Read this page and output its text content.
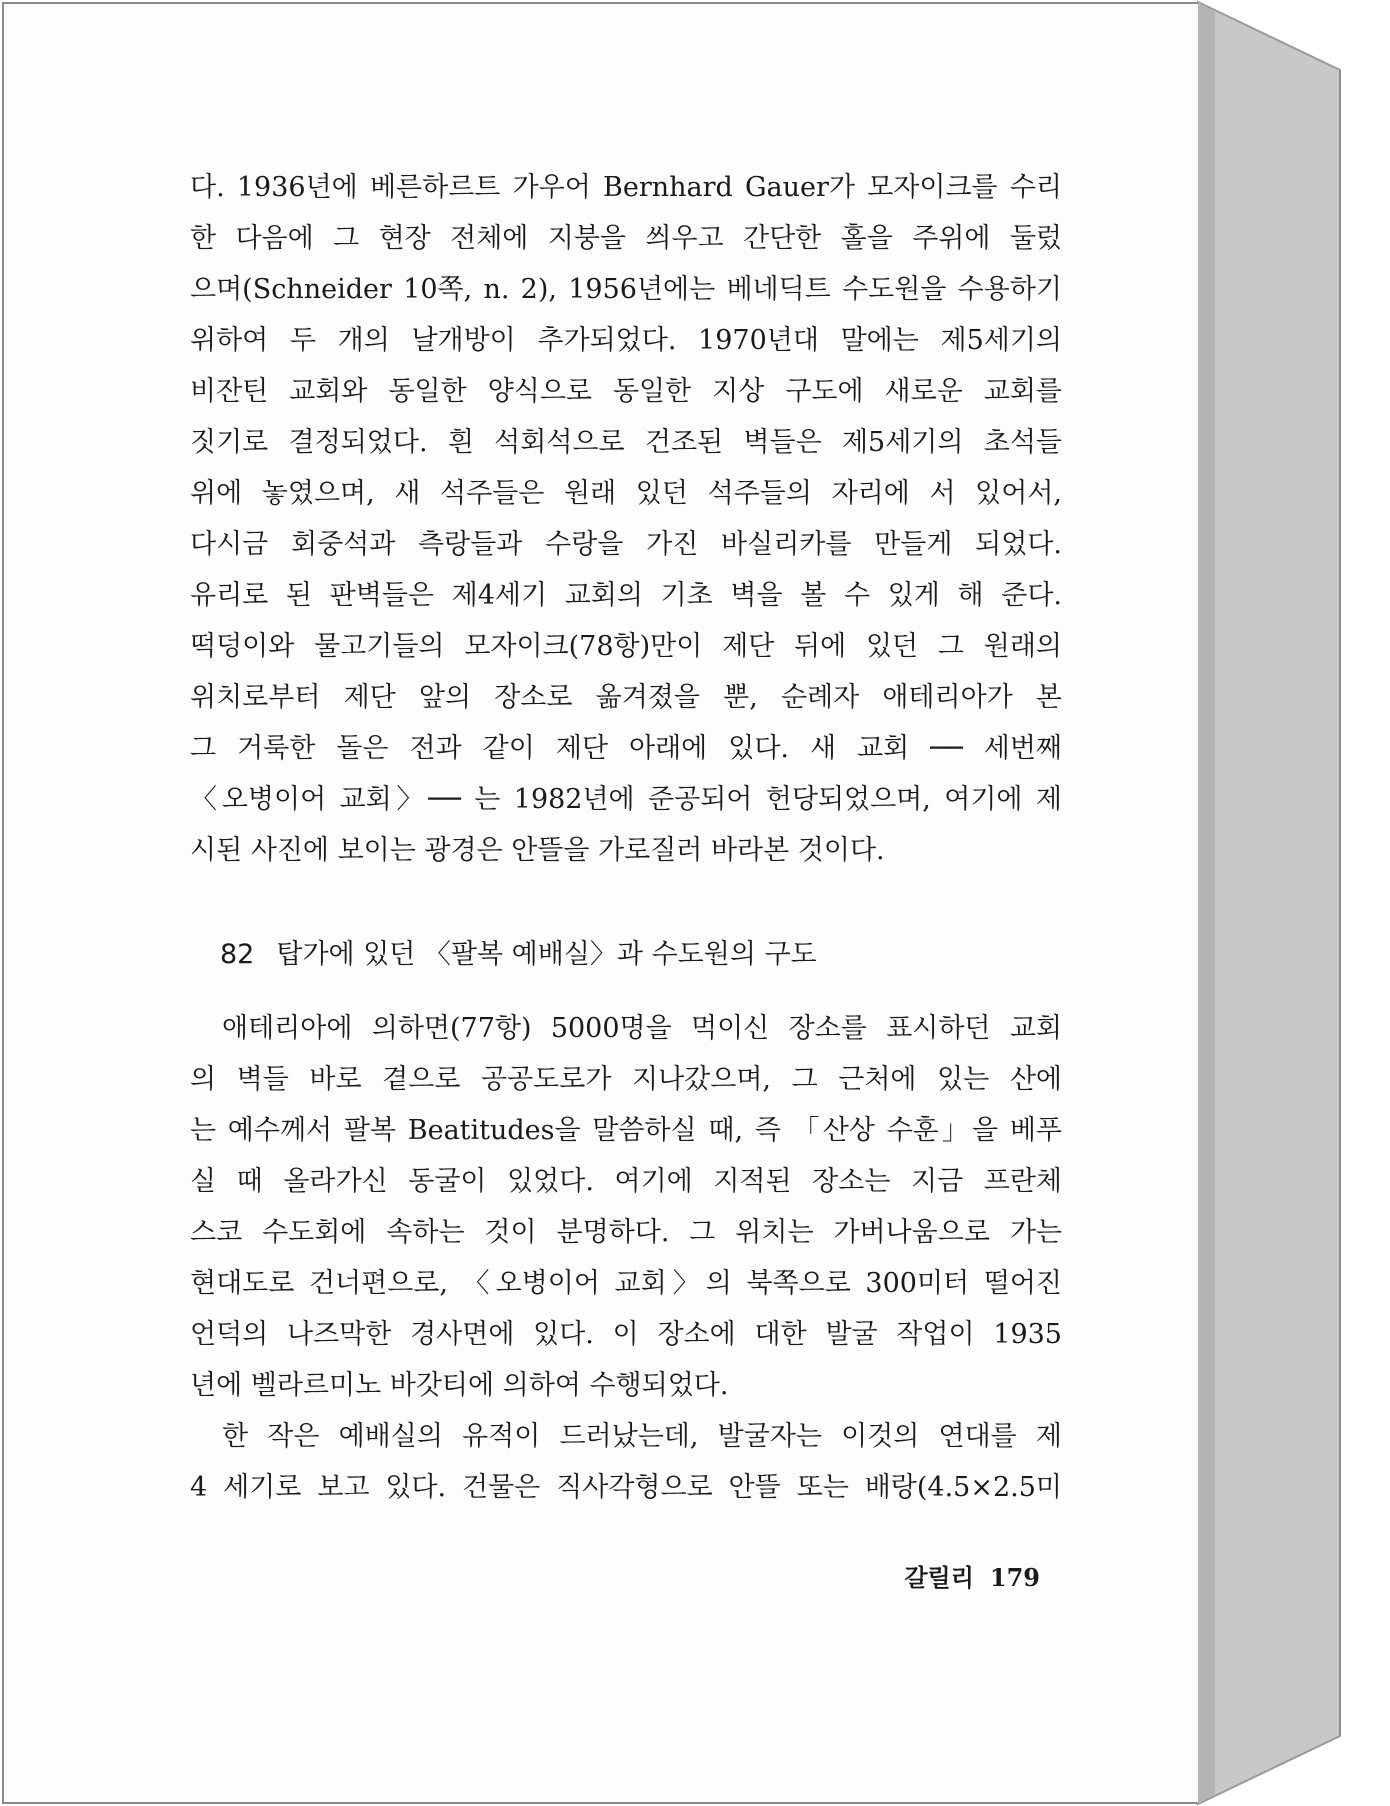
다. 1936년에 베른하르트 가우어 Bernhard Gauer가 모자이크를 수리
한 다음에 그 현장 전체에 지붕을 씌우고 간단한 홀을 주위에 둘렀
으며(Schneider 10쪽, n. 2), 1956년에는 베네딕트 수도원을 수용하기
위하여 두 개의 날개방이 추가되었다. 1970년대 말에는 제5세기의
비잔틴 교회와 동일한 양식으로 동일한 지상 구도에 새로운 교회를
짓기로 결정되었다. 흰 석회석으로 건조된 벽들은 제5세기의 초석들
위에 놓였으며, 새 석주들은 원래 있던 석주들의 자리에 서 있어서,
다시금 회중석과 측랑들과 수랑을 가진 바실리카를 만들게 되었다.
유리로 된 판벽들은 제4세기 교회의 기초 벽을 볼 수 있게 해 준다.
떡덩이와 물고기들의 모자이크(78항)만이 제단 뒤에 있던 그 원래의
위치로부터 제단 앞의 장소로 옮겨졌을 뿐, 순례자 애테리아가 본
그 거룩한 돌은 전과 같이 제단 아래에 있다. 새 교회 ── 세번째
〈오병이어 교회〉── 는 1982년에 준공되어 헌당되었으며, 여기에 제
시된 사진에 보이는 광경은 안뜰을 가로질러 바라본 것이다.
82 탑가에 있던 〈팔복 예배실〉과 수도원의 구도
애테리아에 의하면(77항) 5000명을 먹이신 장소를 표시하던 교회
의 벽들 바로 곁으로 공공도로가 지나갔으며, 그 근처에 있는 산에
는 예수께서 팔복 Beatitudes을 말씀하실 때, 즉 「산상 수훈」을 베푸
실 때 올라가신 동굴이 있었다. 여기에 지적된 장소는 지금 프란체
스코 수도회에 속하는 것이 분명하다. 그 위치는 가버나움으로 가는
현대도로 건너편으로, 〈오병이어 교회〉의 북쪽으로 300미터 떨어진
언덕의 나즈막한 경사면에 있다. 이 장소에 대한 발굴 작업이 1935
년에 벨라르미노 바갓티에 의하여 수행되었다.
한 작은 예배실의 유적이 드러났는데, 발굴자는 이것의 연대를 제
4 세기로 보고 있다. 건물은 직사각형으로 안뜰 또는 배랑(4.5×2.5미
갈릴리 179
